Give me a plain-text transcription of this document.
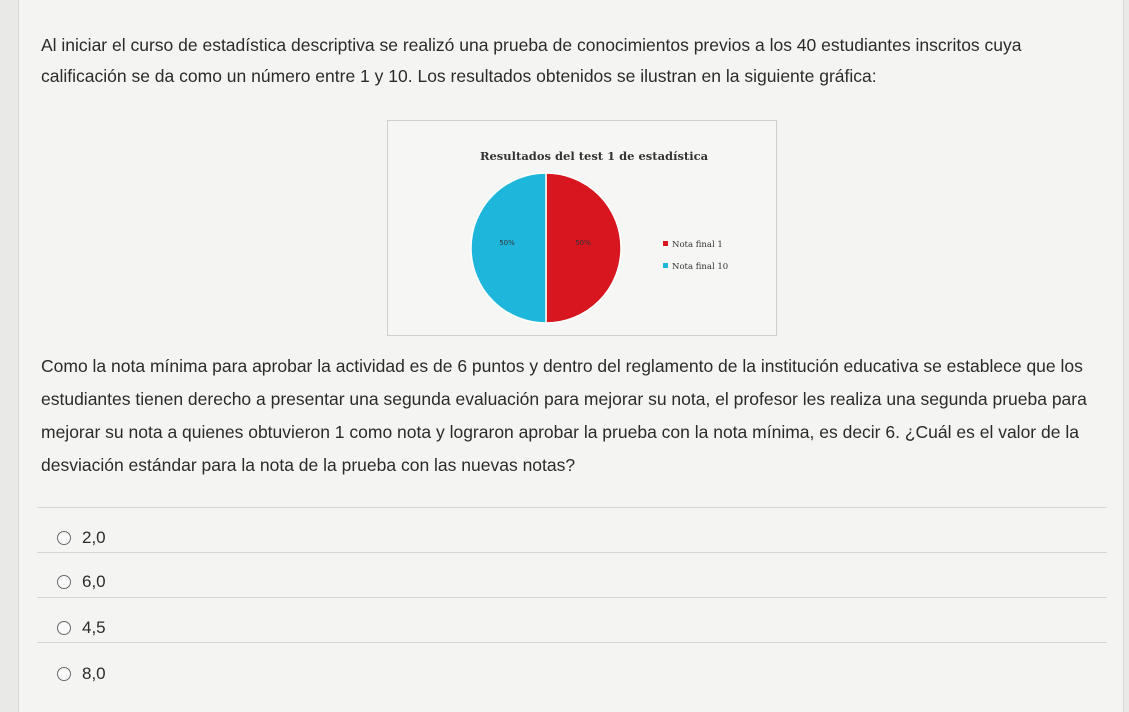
Al iniciar el curso de estadística descriptiva se realizó una prueba de conocimientos previos a los 40 estudiantes inscritos cuya calificación se da como un número entre 1 y 10. Los resultados obtenidos se ilustran en la siguiente gráfica:

Resultados del test 1 de estadística
50%
50%	Nota final 1
Nota final 10

Como la nota mínima para aprobar la actividad es de 6 puntos y dentro del reglamento de la institución educativa se establece que los estudiantes tienen derecho a presentar una segunda evaluación para mejorar su nota, el profesor les realiza una segunda prueba para mejorar su nota a quienes obtuvieron 1 como nota y lograron aprobar la prueba con la nota mínima, es decir 6. ¿Cuál es el valor de la desviación estándar para la nota de la prueba con las nuevas notas?

2,0
6,0
4,5
8,0
